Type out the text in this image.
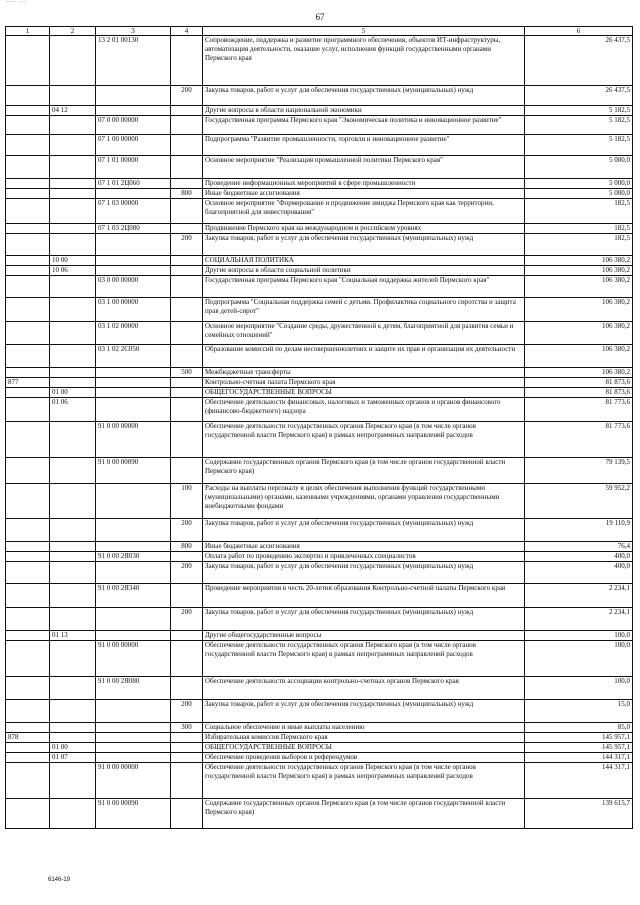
~~~ ~~
67
1	2	3	4	5	6
		13 2 01 00130		Сопровождение, поддержка и развитие программного обеспечения, объектов ИТ-инфраструктуры, автоматизация деятельности, оказание услуг, исполнения функций государственными органами Пермского края	26 437,5
			200	Закупка товаров, работ и услуг для обеспечения государственных (муниципальных) нужд	26 437,5
	04 12			Другие вопросы в области национальной экономики	5 182,5
		07 0 00 00000		Государственная программа Пермского края "Экономическая политика и инновационное развитие"	5 182,5
		07 1 00 00000		Подпрограмма "Развитие промышленности, торговли и инновационное развитие"	5 182,5
		07 1 01 00000		Основное мероприятие "Реализация промышленной политики Пермского края"	5 000,0
		07 1 01 2Ц060		Проведение информационных мероприятий в сфере промышленности	5 000,0
			800	Иные бюджетные ассигнования	5 000,0
		07 1 03 00000		Основное мероприятие "Формирование и продвижение имиджа Пермского края как территории, благоприятной для инвестирования"	182,5
		07 1 03 2Ц080		Продвижение Пермского края на международном и российском уровнях	182,5
			200	Закупка товаров, работ и услуг для обеспечения государственных (муниципальных) нужд	182,5
	10 00			СОЦИАЛЬНАЯ ПОЛИТИКА	106 380,2
	10 06			Другие вопросы в области социальной политики	106 380,2
		03 0 00 00000		Государственная программа Пермского края "Социальная поддержка жителей Пермского края"	106 380,2
		03 1 00 00000		Подпрограмма "Социальная поддержка семей с детьми. Профилактика социального сиротства и защита прав детей-сирот"	106 380,2
		03 1 02 00000		Основное мероприятие "Создание среды, дружественной к детям, благоприятной для развития семьи и семейных отношений"	106 380,2
		03 1 02 2С050		Образование комиссий по делам несовершеннолетних и защите их прав и организация их деятельности	106 380,2
			500	Межбюджетные трансферты	106 380,2
877				Контрольно-счетная палата Пермского края	81 873,6
	01 00			ОБЩЕГОСУДАРСТВЕННЫЕ ВОПРОСЫ	81 873,6
	01 06			Обеспечение деятельности финансовых, налоговых и таможенных органов и органов финансового (финансово-бюджетного) надзора	81 773,6
		91 0 00 00000		Обеспечение деятельности государственных органов Пермского края (в том числе органов государственной власти Пермского края) в рамках непрограммных направлений расходов	81 773,6
		91 0 00 00090		Содержание государственных органов Пермского края (в том числе органов государственной власти Пермского края)	79 139,5
			100	Расходы на выплаты персоналу в целях обеспечения выполнения функций государственными (муниципальными) органами, казенными учреждениями, органами управления государственными внебюджетными фондами	59 952,2
			200	Закупка товаров, работ и услуг для обеспечения государственных (муниципальных) нужд	19 110,9
			800	Иные бюджетные ассигнования	76,4
		91 0 00 2Я030		Оплата работ по проведению экспертиз и привлеченных специалистов	400,0
			200	Закупка товаров, работ и услуг для обеспечения государственных (муниципальных) нужд	400,0
		91 0 00 2Я340		Проведение мероприятия в честь 20-летия образования Контрольно-счетной палаты Пермского края	2 234,1
			200	Закупка товаров, работ и услуг для обеспечения государственных (муниципальных) нужд	2 234,1
	01 13			Другие общегосударственные вопросы	100,0
		91 0 00 00000		Обеспечение деятельности государственных органов Пермского края (в том числе органов государственной власти Пермского края) в рамках непрограммных направлений расходов	100,0
		91 0 00 2Я080		Обеспечение деятельности ассоциации контрольно-счетных органов Пермского края	100,0
			200	Закупка товаров, работ и услуг для обеспечения государственных (муниципальных) нужд	15,0
			300	Социальное обеспечение и иные выплаты населению	85,0
878				Избирательная комиссия Пермского края	145 957,1
	01 00			ОБЩЕГОСУДАРСТВЕННЫЕ ВОПРОСЫ	145 957,1
	01 07			Обеспечение проведения выборов и референдумов	144 317,1
		91 0 00 00000		Обеспечение деятельности государственных органов Пермского края (в том числе органов государственной власти Пермского края) в рамках непрограммных направлений расходов	144 317,1
		91 0 00 00090		Содержание государственных органов Пермского края (в том числе органов государственной власти Пермского края)	139 615,7
6146-19
